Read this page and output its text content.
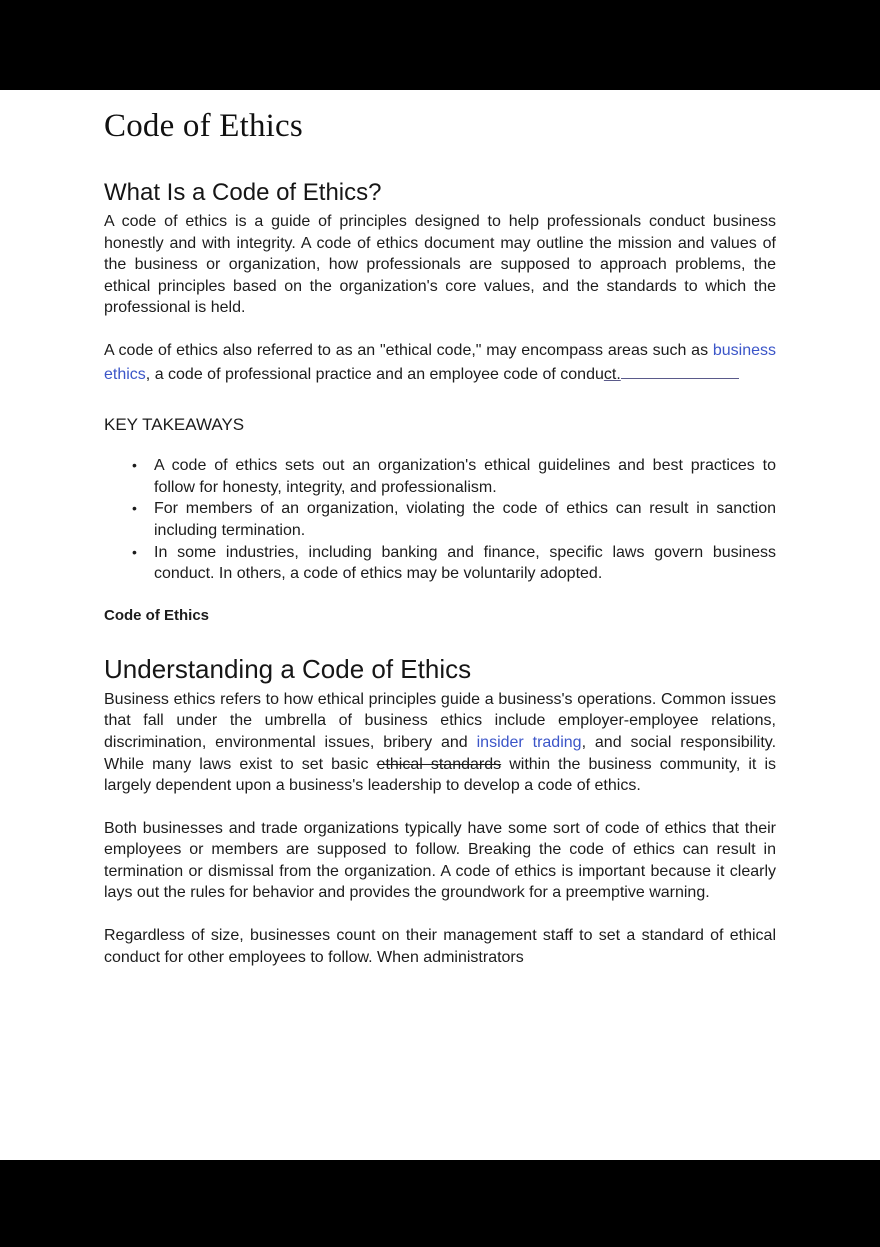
Code of Ethics
What Is a Code of Ethics?

A code of ethics is a guide of principles designed to help professionals conduct business honestly and with integrity. A code of ethics document may outline the mission and values of the business or organization, how professionals are supposed to approach problems, the ethical principles based on the organization's core values, and the standards to which the professional is held.

A code of ethics also referred to as an "ethical code," may encompass areas such as business ethics, a code of professional practice and an employee code of conduct.

KEY TAKEAWAYS
• A code of ethics sets out an organization's ethical guidelines and best practices to follow for honesty, integrity, and professionalism.
• For members of an organization, violating the code of ethics can result in sanction including termination.
• In some industries, including banking and finance, specific laws govern business conduct. In others, a code of ethics may be voluntarily adopted.
Code of Ethics
Understanding a Code of Ethics

Business ethics refers to how ethical principles guide a business's operations. Common issues that fall under the umbrella of business ethics include employer-employee relations, discrimination, environmental issues, bribery and insider trading, and social responsibility. While many laws exist to set basic ethical standards within the business community, it is largely dependent upon a business's leadership to develop a code of ethics.

Both businesses and trade organizations typically have some sort of code of ethics that their employees or members are supposed to follow. Breaking the code of ethics can result in termination or dismissal from the organization. A code of ethics is important because it clearly lays out the rules for behavior and provides the groundwork for a preemptive warning.

Regardless of size, businesses count on their management staff to set a standard of ethical conduct for other employees to follow. When administrators
